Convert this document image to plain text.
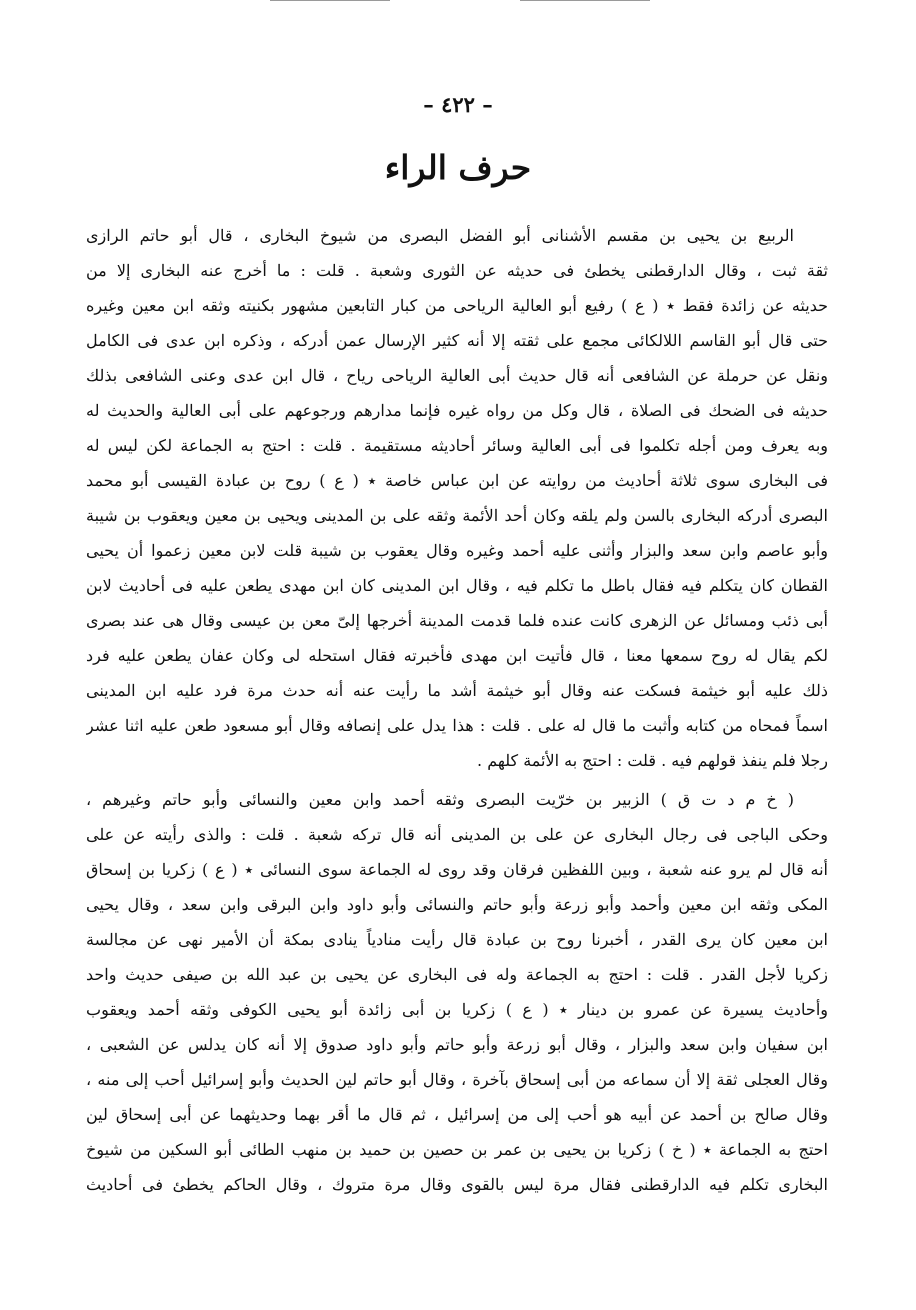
– ٤٢٢ –
حرف الراء
الربيع بن يحيى بن مقسم الأشنانى أبو الفضل البصرى من شيوخ البخارى ، قال أبو حاتم الرازى
ثقة ثبت ، وقال الدارقطنى يخطئ فى حديثه عن الثورى وشعبة . قلت : ما أخرج عنه البخارى إلا من
حديثه عن زائدة فقط ٭ ( ع ) رفيع أبو العالية الرياحى من كبار التابعين مشهور بكنيته وثقه ابن معين وغيره
حتى قال أبو القاسم اللالكائى مجمع على ثقته إلا أنه كثير الإرسال عمن أدركه ، وذكره ابن عدى فى الكامل
ونقل عن حرملة عن الشافعى أنه قال حديث أبى العالية الرياحى رياح ، قال ابن عدى وعنى الشافعى بذلك
حديثه فى الضحك فى الصلاة ، قال وكل من رواه غيره فإنما مدارهم ورجوعهم على أبى العالية والحديث له
وبه يعرف ومن أجله تكلموا فى أبى العالية وسائر أحاديثه مستقيمة . قلت : احتج به الجماعة لكن ليس له
فى البخارى سوى ثلاثة أحاديث من روايته عن ابن عباس خاصة ٭ ( ع ) روح بن عبادة القيسى أبو محمد
البصرى أدركه البخارى بالسن ولم يلقه وكان أحد الأئمة وثقه على بن المدينى ويحيى بن معين ويعقوب بن شيبة
وأبو عاصم وابن سعد والبزار وأثنى عليه أحمد وغيره وقال يعقوب بن شيبة قلت لابن معين زعموا أن يحيى
القطان كان يتكلم فيه فقال باطل ما تكلم فيه ، وقال ابن المدينى كان ابن مهدى يطعن عليه فى أحاديث لابن
أبى ذئب ومسائل عن الزهرى كانت عنده فلما قدمت المدينة أخرجها إلىّ معن بن عيسى وقال هى عند بصرى
لكم يقال له روح سمعها معنا ، قال فأتيت ابن مهدى فأخبرته فقال استحله لى وكان عفان يطعن عليه فرد
ذلك عليه أبو خيثمة فسكت عنه وقال أبو خيثمة أشد ما رأيت عنه أنه حدث مرة فرد عليه ابن المدينى
اسماً فمحاه من كتابه وأثبت ما قال له على . قلت : هذا يدل على إنصافه وقال أبو مسعود طعن عليه اثنا عشر
رجلا فلم ينفذ قولهم فيه . قلت : احتج به الأئمة كلهم .
( خ م د ت ق ) الزبير بن خرّيت البصرى وثقه أحمد وابن معين والنسائى وأبو حاتم وغيرهم ،
وحكى الباجى فى رجال البخارى عن على بن المدينى أنه قال تركه شعبة . قلت : والذى رأيته عن على
أنه قال لم يرو عنه شعبة ، وبين اللفظين فرقان وقد روى له الجماعة سوى النسائى ٭ ( ع ) زكريا بن إسحاق
المكى وثقه ابن معين وأحمد وأبو زرعة وأبو حاتم والنسائى وأبو داود وابن البرقى وابن سعد ، وقال يحيى
ابن معين كان يرى القدر ، أخبرنا روح بن عبادة قال رأيت منادياً ينادى بمكة أن الأمير نهى عن مجالسة
زكريا لأجل القدر . قلت : احتج به الجماعة وله فى البخارى عن يحيى بن عبد الله بن صيفى حديث واحد
وأحاديث يسيرة عن عمرو بن دينار ٭ ( ع ) زكريا بن أبى زائدة أبو يحيى الكوفى وثقه أحمد ويعقوب
ابن سفيان وابن سعد والبزار ، وقال أبو زرعة وأبو حاتم وأبو داود صدوق إلا أنه كان يدلس عن الشعبى ،
وقال العجلى ثقة إلا أن سماعه من أبى إسحاق بآخرة ، وقال أبو حاتم لين الحديث وأبو إسرائيل أحب إلى منه ،
وقال صالح بن أحمد عن أبيه هو أحب إلى من إسرائيل ، ثم قال ما أقر بهما وحديثهما عن أبى إسحاق لين
احتج به الجماعة ٭ ( خ ) زكريا بن يحيى بن عمر بن حصين بن حميد بن منهب الطائى أبو السكين من شيوخ
البخارى تكلم فيه الدارقطنى فقال مرة ليس بالقوى وقال مرة متروك ، وقال الحاكم يخطئ فى أحاديث
